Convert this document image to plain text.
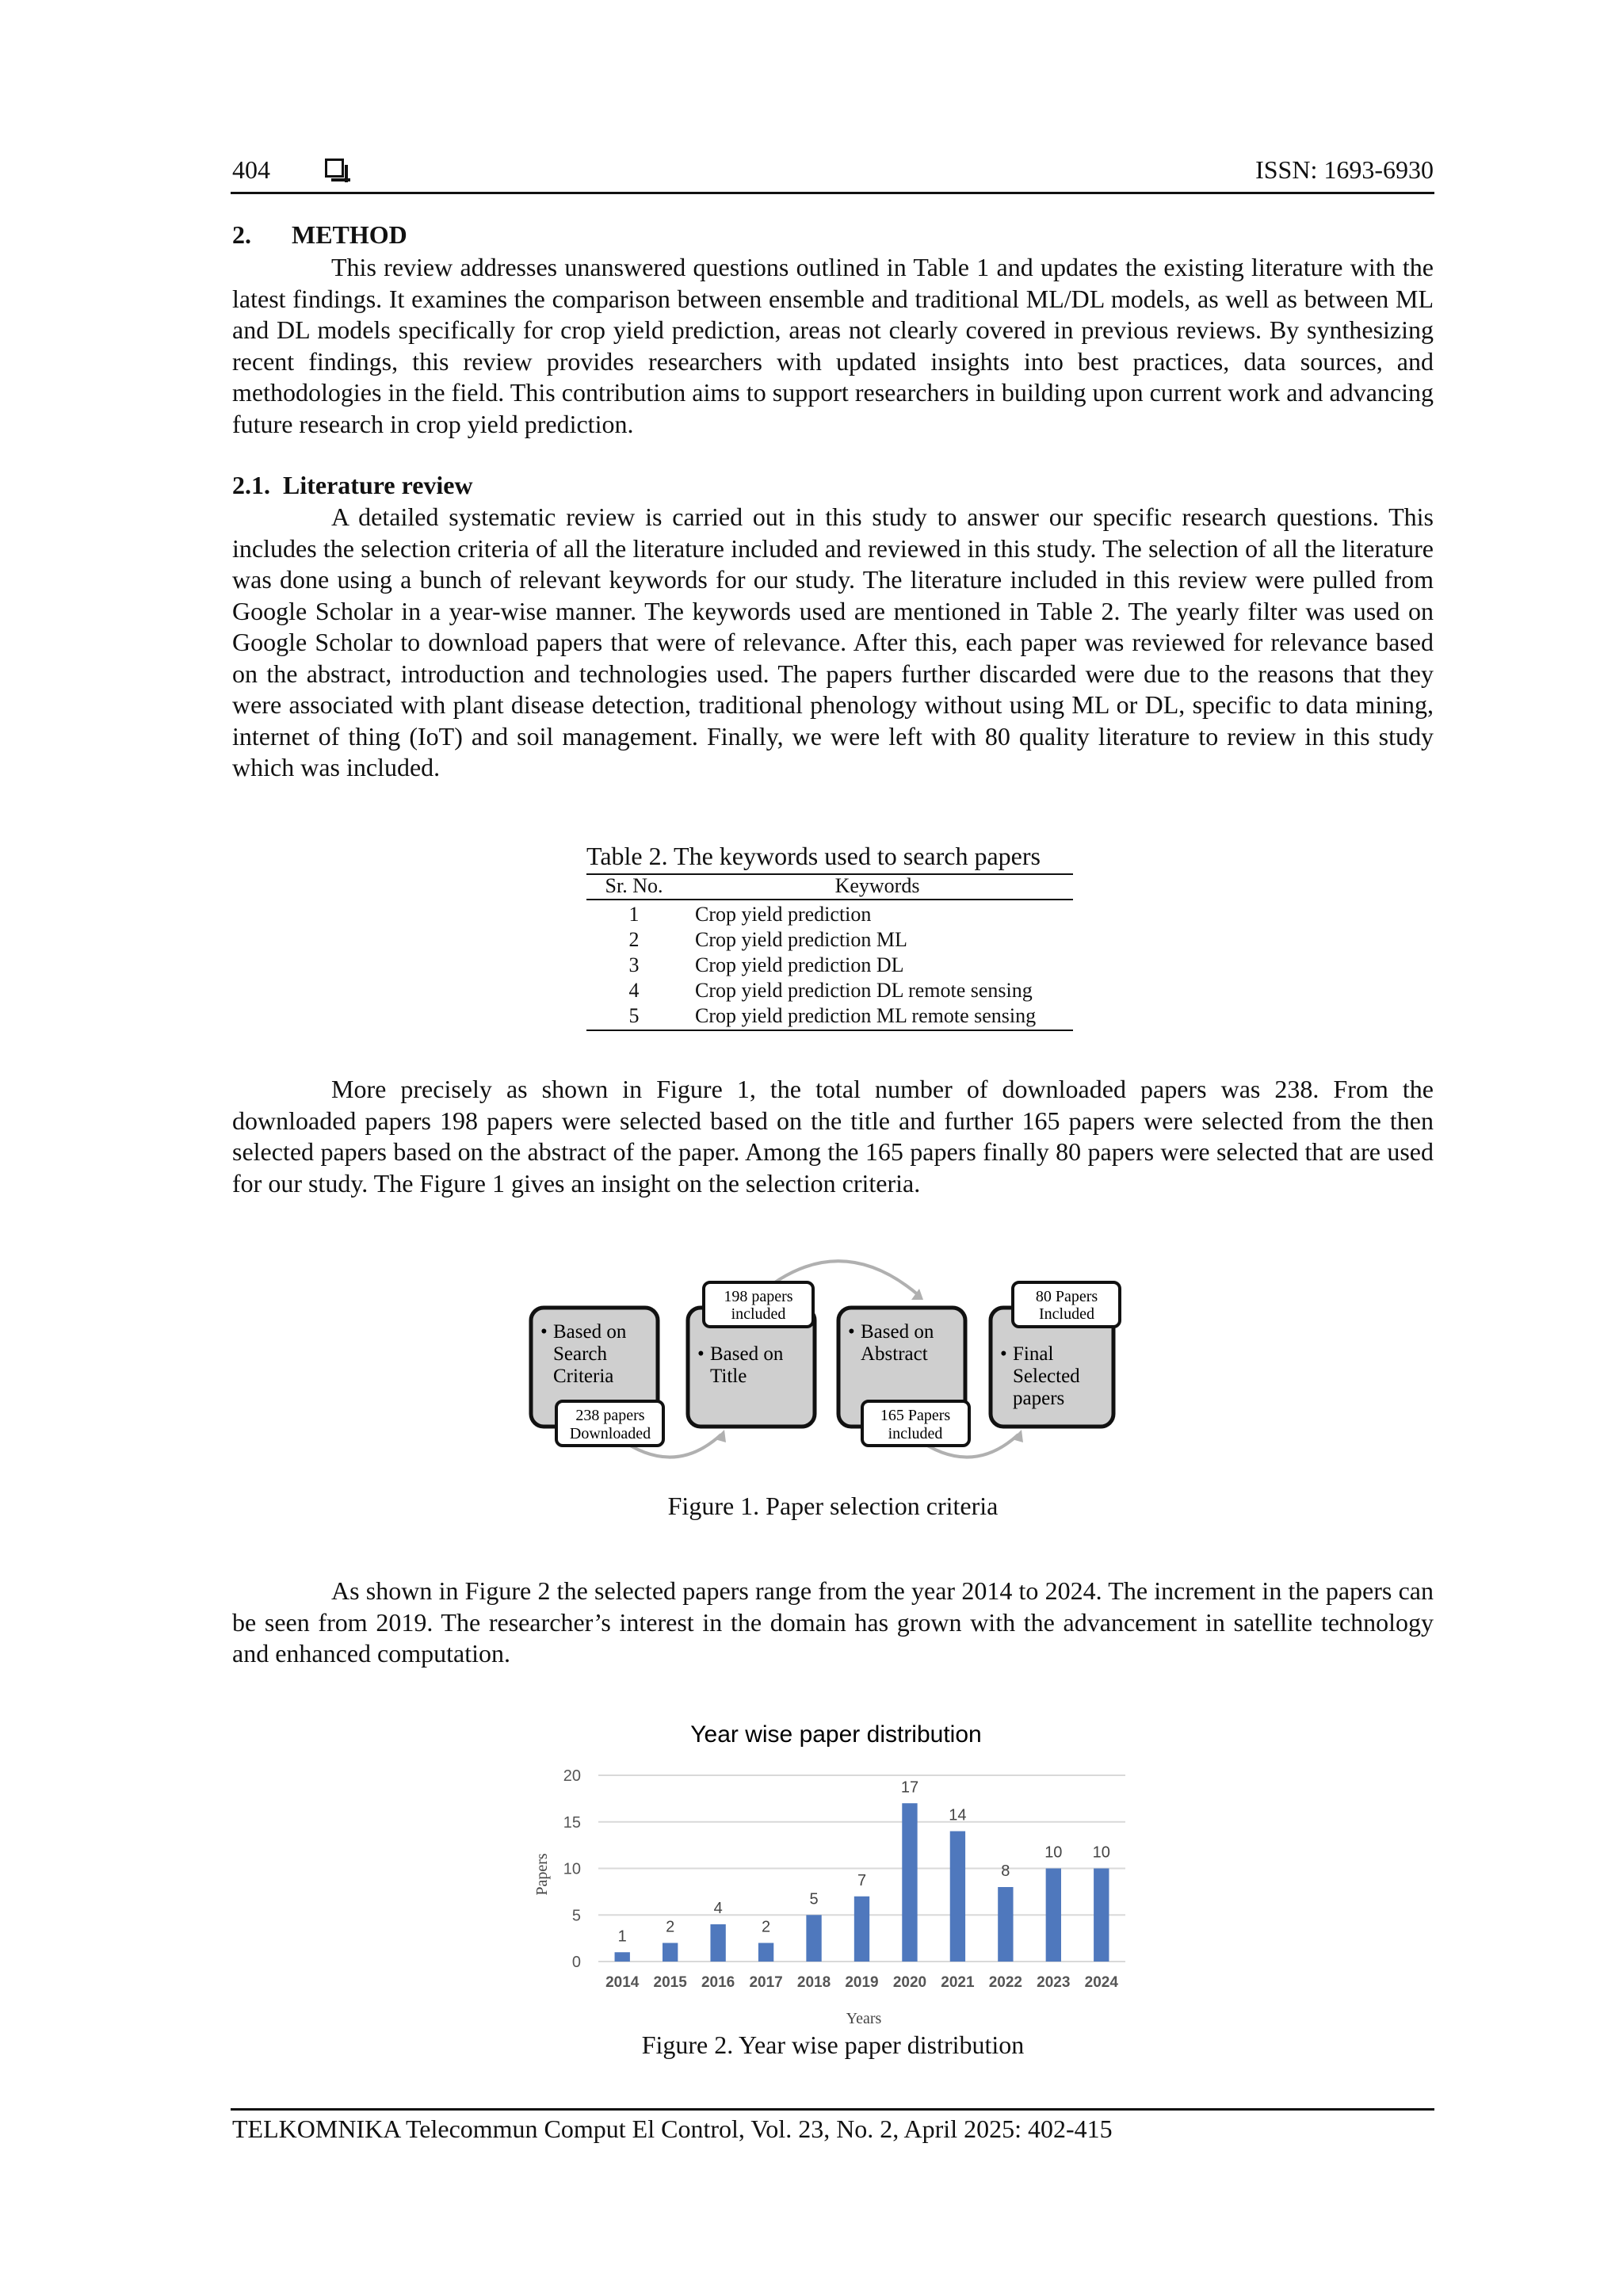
404	ISSN: 1693-6930
2. METHOD
This review addresses unanswered questions outlined in Table 1 and updates the existing literature with the latest findings. It examines the comparison between ensemble and traditional ML/DL models, as well as between ML and DL models specifically for crop yield prediction, areas not clearly covered in previous reviews. By synthesizing recent findings, this review provides researchers with updated insights into best practices, data sources, and methodologies in the field. This contribution aims to support researchers in building upon current work and advancing future research in crop yield prediction.
2.1. Literature review
A detailed systematic review is carried out in this study to answer our specific research questions. This includes the selection criteria of all the literature included and reviewed in this study. The selection of all the literature was done using a bunch of relevant keywords for our study. The literature included in this review were pulled from Google Scholar in a year-wise manner. The keywords used are mentioned in Table 2. The yearly filter was used on Google Scholar to download papers that were of relevance. After this, each paper was reviewed for relevance based on the abstract, introduction and technologies used. The papers further discarded were due to the reasons that they were associated with plant disease detection, traditional phenology without using ML or DL, specific to data mining, internet of thing (IoT) and soil management. Finally, we were left with 80 quality literature to review in this study which was included.
Table 2. The keywords used to search papers
Sr. No.	Keywords
1	Crop yield prediction
2	Crop yield prediction ML
3	Crop yield prediction DL
4	Crop yield prediction DL remote sensing
5	Crop yield prediction ML remote sensing
More precisely as shown in Figure 1, the total number of downloaded papers was 238. From the downloaded papers 198 papers were selected based on the title and further 165 papers were selected from the then selected papers based on the abstract of the paper. Among the 165 papers finally 80 papers were selected that are used for our study. The Figure 1 gives an insight on the selection criteria.
• Based on
Search
Criteria
238 papers
Downloaded
• Based on
Title
198 papers
included
• Based on
Abstract
165 Papers
included
• Final
Selected
papers
80 Papers
Included
Figure 1. Paper selection criteria
As shown in Figure 2 the selected papers range from the year 2014 to 2024. The increment in the papers can be seen from 2019. The researcher’s interest in the domain has grown with the advancement in satellite technology and enhanced computation.
Year wise paper distribution
0
5
10
15
20
1
2
4
2
5
7
17
14
8
10 10
2014 2015 2016 2017 2018 2019 2020 2021 2022 2023 2024
Papers
Years
Figure 2. Year wise paper distribution
TELKOMNIKA Telecommun Comput El Control, Vol. 23, No. 2, April 2025: 402-415
